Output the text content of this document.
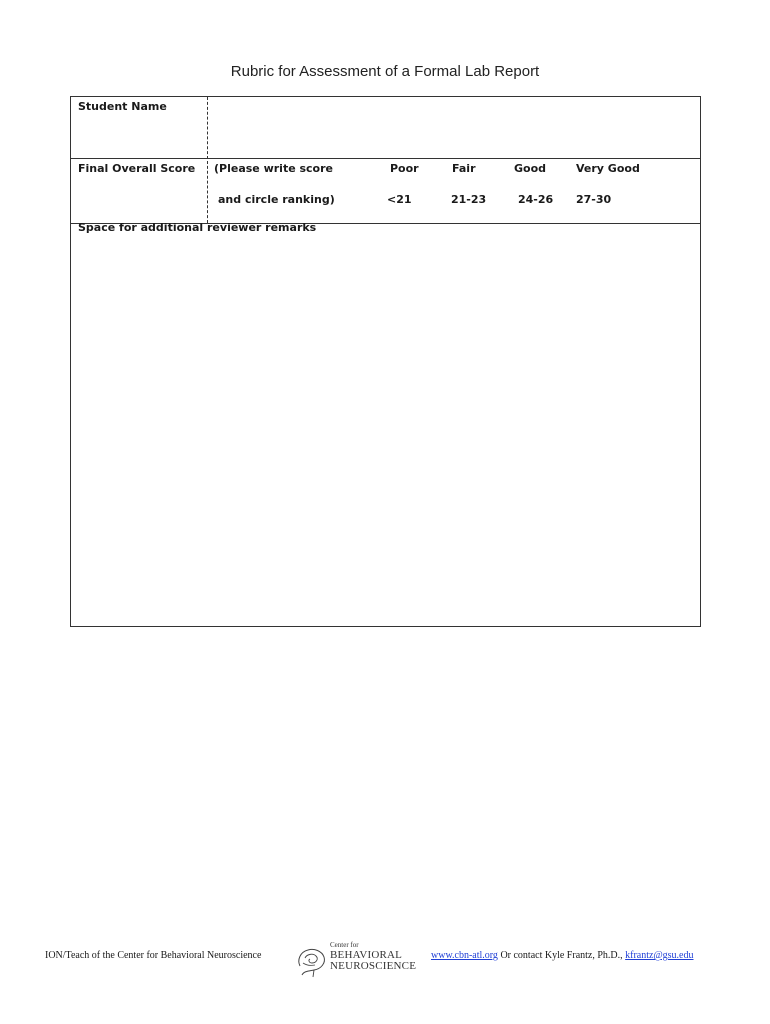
Rubric for Assessment of a Formal Lab Report
Student Name
Final Overall Score (Please write score
and circle ranking)
Poor
<21
Fair
21-23
Good
24-26
Very Good
27-30
Space for additional reviewer remarks
ION/Teach of the Center for Behavioral Neuroscience
Center for
BEHAVIORAL
NEUROSCIENCE
www.cbn-atl.org Or contact Kyle Frantz, Ph.D., kfrantz@gsu.edu
